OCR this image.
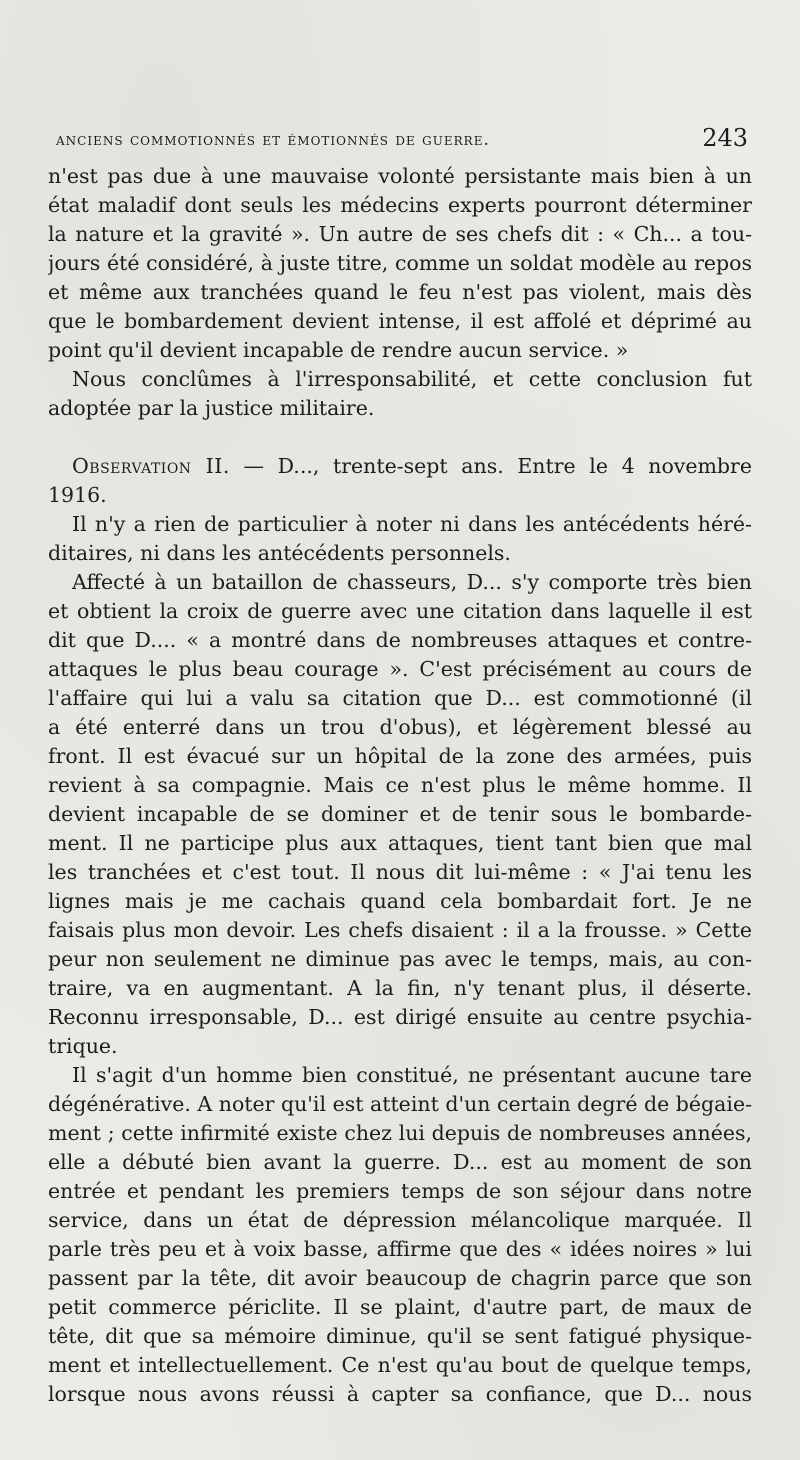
anciens commotionnés et émotionnés de guerre.	243
n'est pas due à une mauvaise volonté persistante mais bien à un
état maladif dont seuls les médecins experts pourront déterminer
la nature et la gravité ». Un autre de ses chefs dit : « Ch... a tou-
jours été considéré, à juste titre, comme un soldat modèle au repos
et même aux tranchées quand le feu n'est pas violent, mais dès
que le bombardement devient intense, il est affolé et déprimé au
point qu'il devient incapable de rendre aucun service. »
Nous conclûmes à l'irresponsabilité, et cette conclusion fut
adoptée par la justice militaire.
Observation II. — D..., trente-sept ans. Entre le 4 novembre
1916.
Il n'y a rien de particulier à noter ni dans les antécédents héré-
ditaires, ni dans les antécédents personnels.
Affecté à un bataillon de chasseurs, D... s'y comporte très bien
et obtient la croix de guerre avec une citation dans laquelle il est
dit que D.... « a montré dans de nombreuses attaques et contre-
attaques le plus beau courage ». C'est précisément au cours de
l'affaire qui lui a valu sa citation que D... est commotionné (il
a été enterré dans un trou d'obus), et légèrement blessé au
front. Il est évacué sur un hôpital de la zone des armées, puis
revient à sa compagnie. Mais ce n'est plus le même homme. Il
devient incapable de se dominer et de tenir sous le bombarde-
ment. Il ne participe plus aux attaques, tient tant bien que mal
les tranchées et c'est tout. Il nous dit lui-même : « J'ai tenu les
lignes mais je me cachais quand cela bombardait fort. Je ne
faisais plus mon devoir. Les chefs disaient : il a la frousse. » Cette
peur non seulement ne diminue pas avec le temps, mais, au con-
traire, va en augmentant. A la fin, n'y tenant plus, il déserte.
Reconnu irresponsable, D... est dirigé ensuite au centre psychia-
trique.
Il s'agit d'un homme bien constitué, ne présentant aucune tare
dégénérative. A noter qu'il est atteint d'un certain degré de bégaie-
ment ; cette infirmité existe chez lui depuis de nombreuses années,
elle a débuté bien avant la guerre. D... est au moment de son
entrée et pendant les premiers temps de son séjour dans notre
service, dans un état de dépression mélancolique marquée. Il
parle très peu et à voix basse, affirme que des « idées noires » lui
passent par la tête, dit avoir beaucoup de chagrin parce que son
petit commerce périclite. Il se plaint, d'autre part, de maux de
tête, dit que sa mémoire diminue, qu'il se sent fatigué physique-
ment et intellectuellement. Ce n'est qu'au bout de quelque temps,
lorsque nous avons réussi à capter sa confiance, que D... nous
